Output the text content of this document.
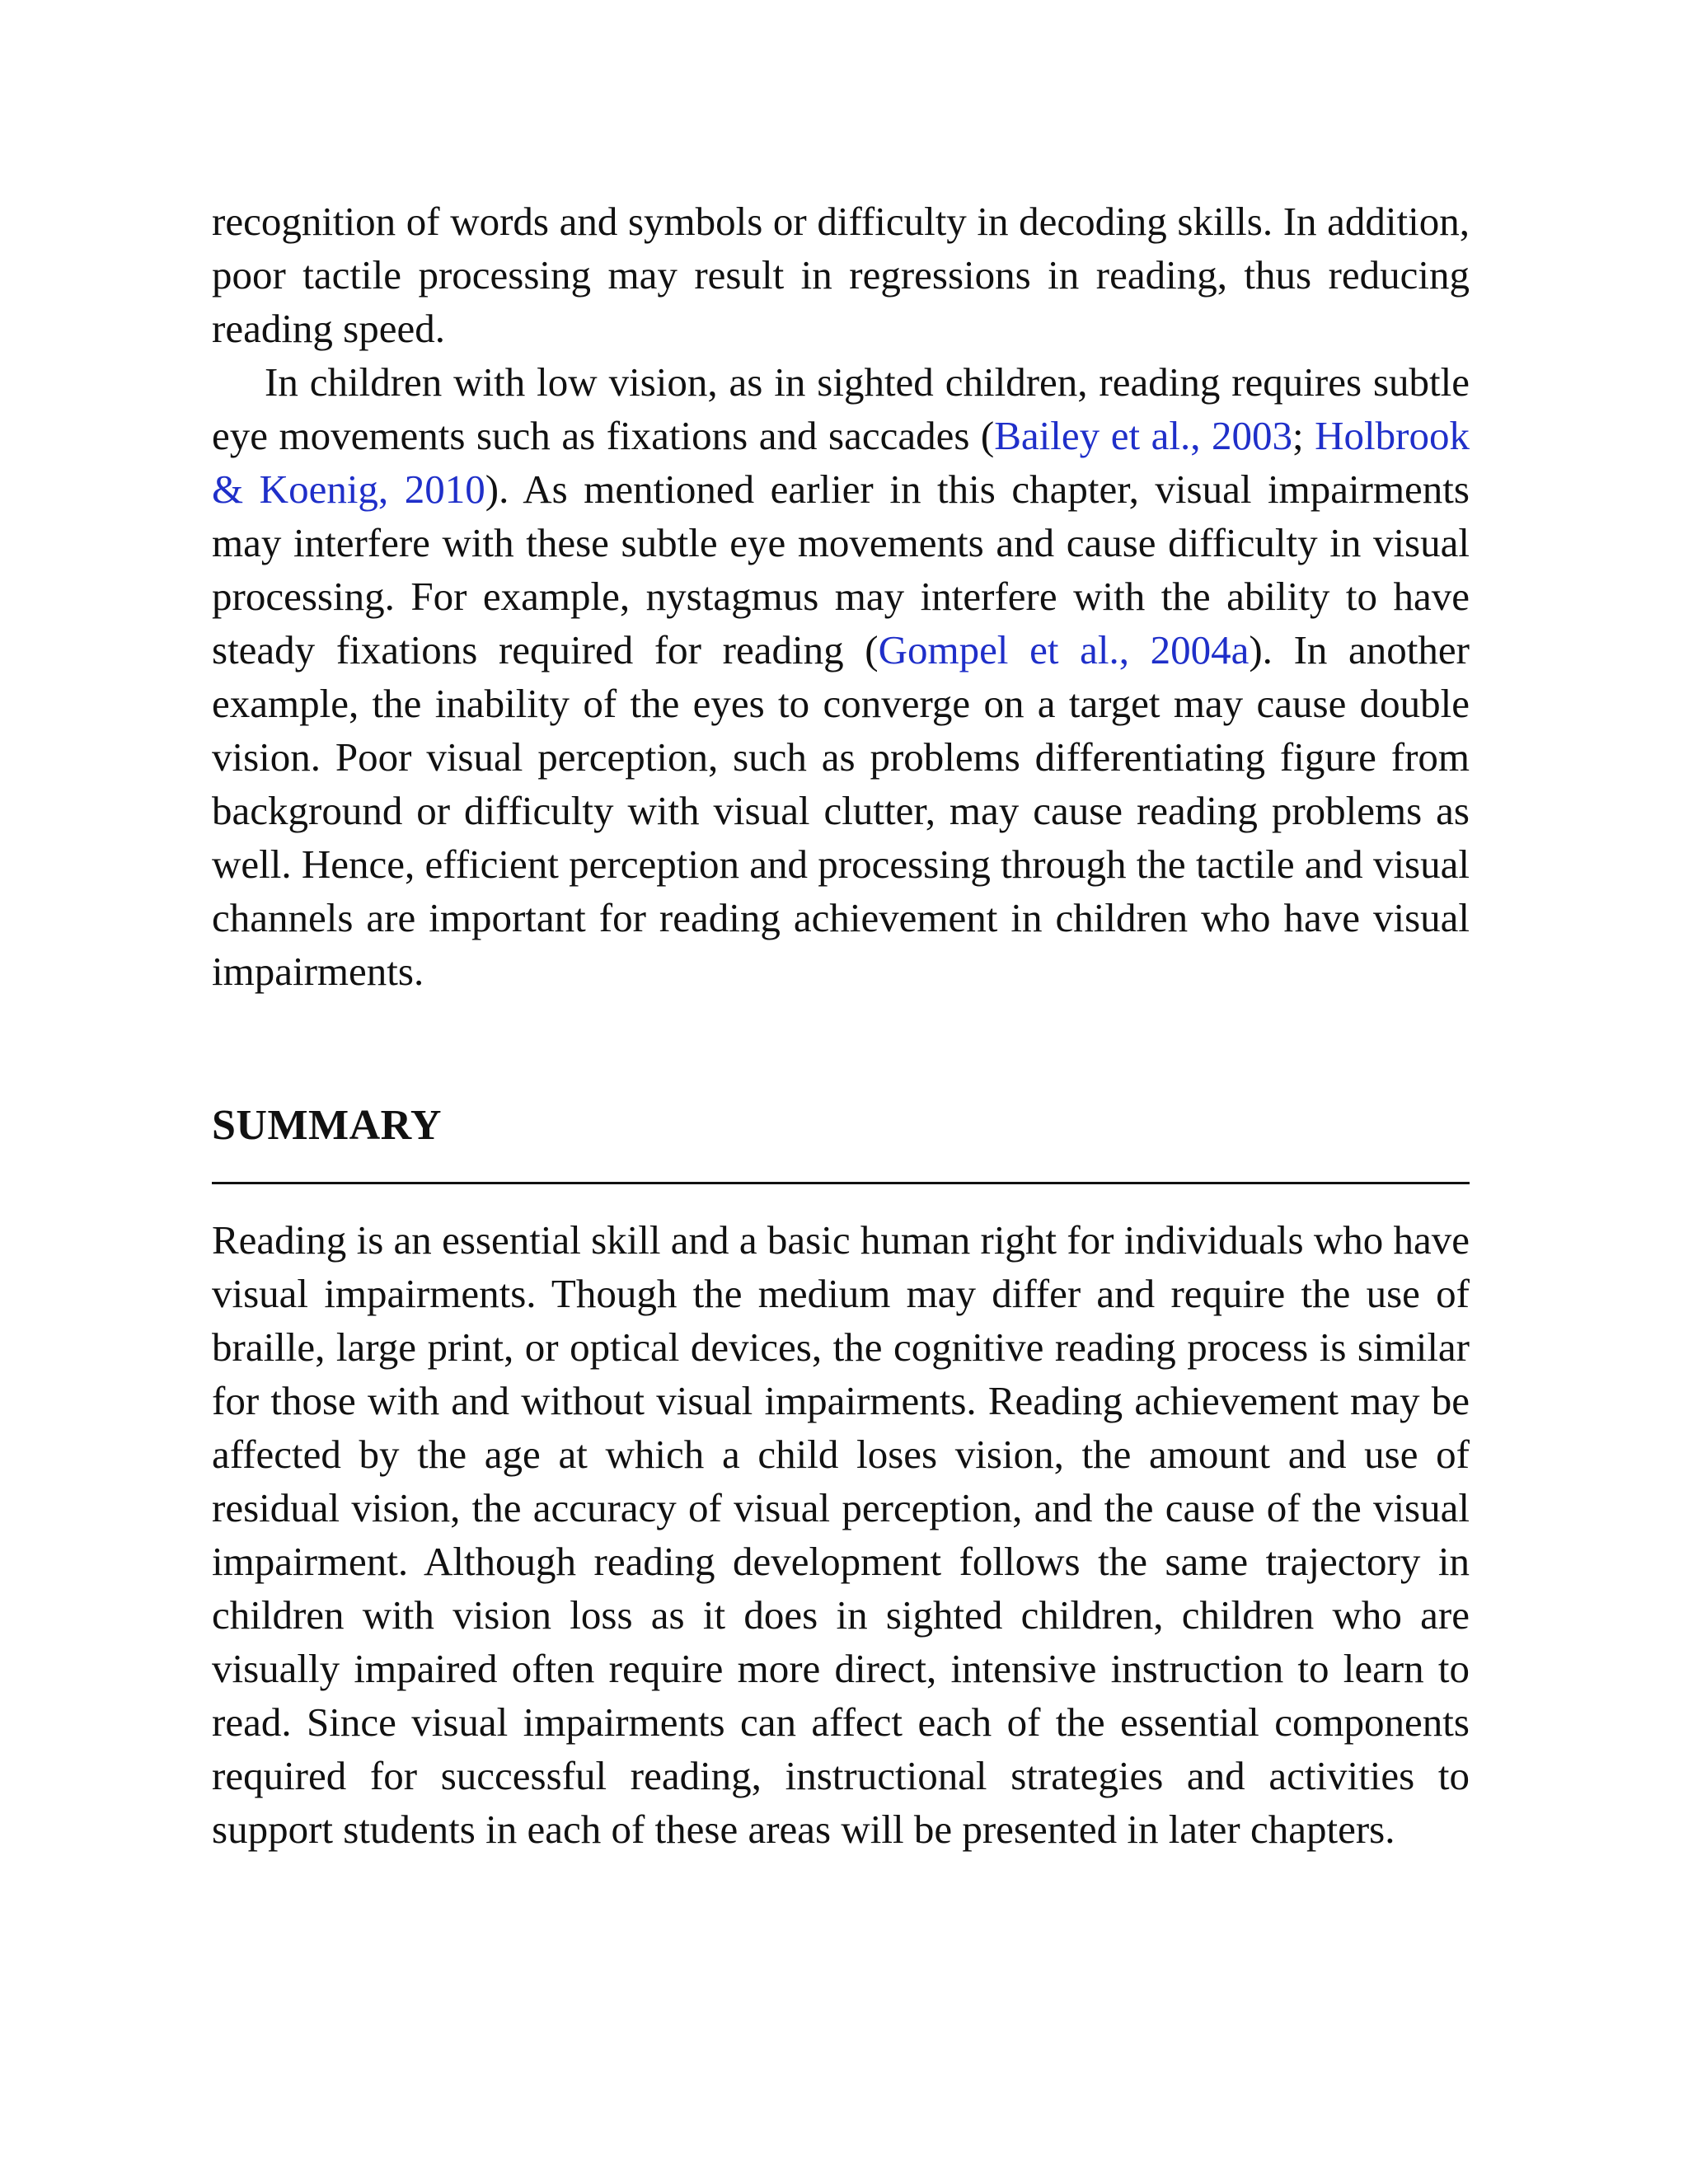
recognition of words and symbols or difficulty in decoding skills. In addition, poor tactile processing may result in regressions in reading, thus reducing reading speed.

In children with low vision, as in sighted children, reading requires subtle eye movements such as fixations and saccades (Bailey et al., 2003; Holbrook & Koenig, 2010). As mentioned earlier in this chapter, visual impairments may interfere with these subtle eye movements and cause difficulty in visual processing. For example, nystagmus may interfere with the ability to have steady fixations required for reading (Gompel et al., 2004a). In another example, the inability of the eyes to converge on a target may cause double vision. Poor visual perception, such as problems differentiating figure from background or difficulty with visual clutter, may cause reading problems as well. Hence, efficient perception and processing through the tactile and visual channels are important for reading achievement in children who have visual impairments.

SUMMARY

Reading is an essential skill and a basic human right for individuals who have visual impairments. Though the medium may differ and require the use of braille, large print, or optical devices, the cognitive reading process is similar for those with and without visual impairments. Reading achievement may be affected by the age at which a child loses vision, the amount and use of residual vision, the accuracy of visual perception, and the cause of the visual impairment. Although reading development follows the same trajectory in children with vision loss as it does in sighted children, children who are visually impaired often require more direct, intensive instruction to learn to read. Since visual impairments can affect each of the essential components required for successful reading, instructional strategies and activities to support students in each of these areas will be presented in later chapters.
